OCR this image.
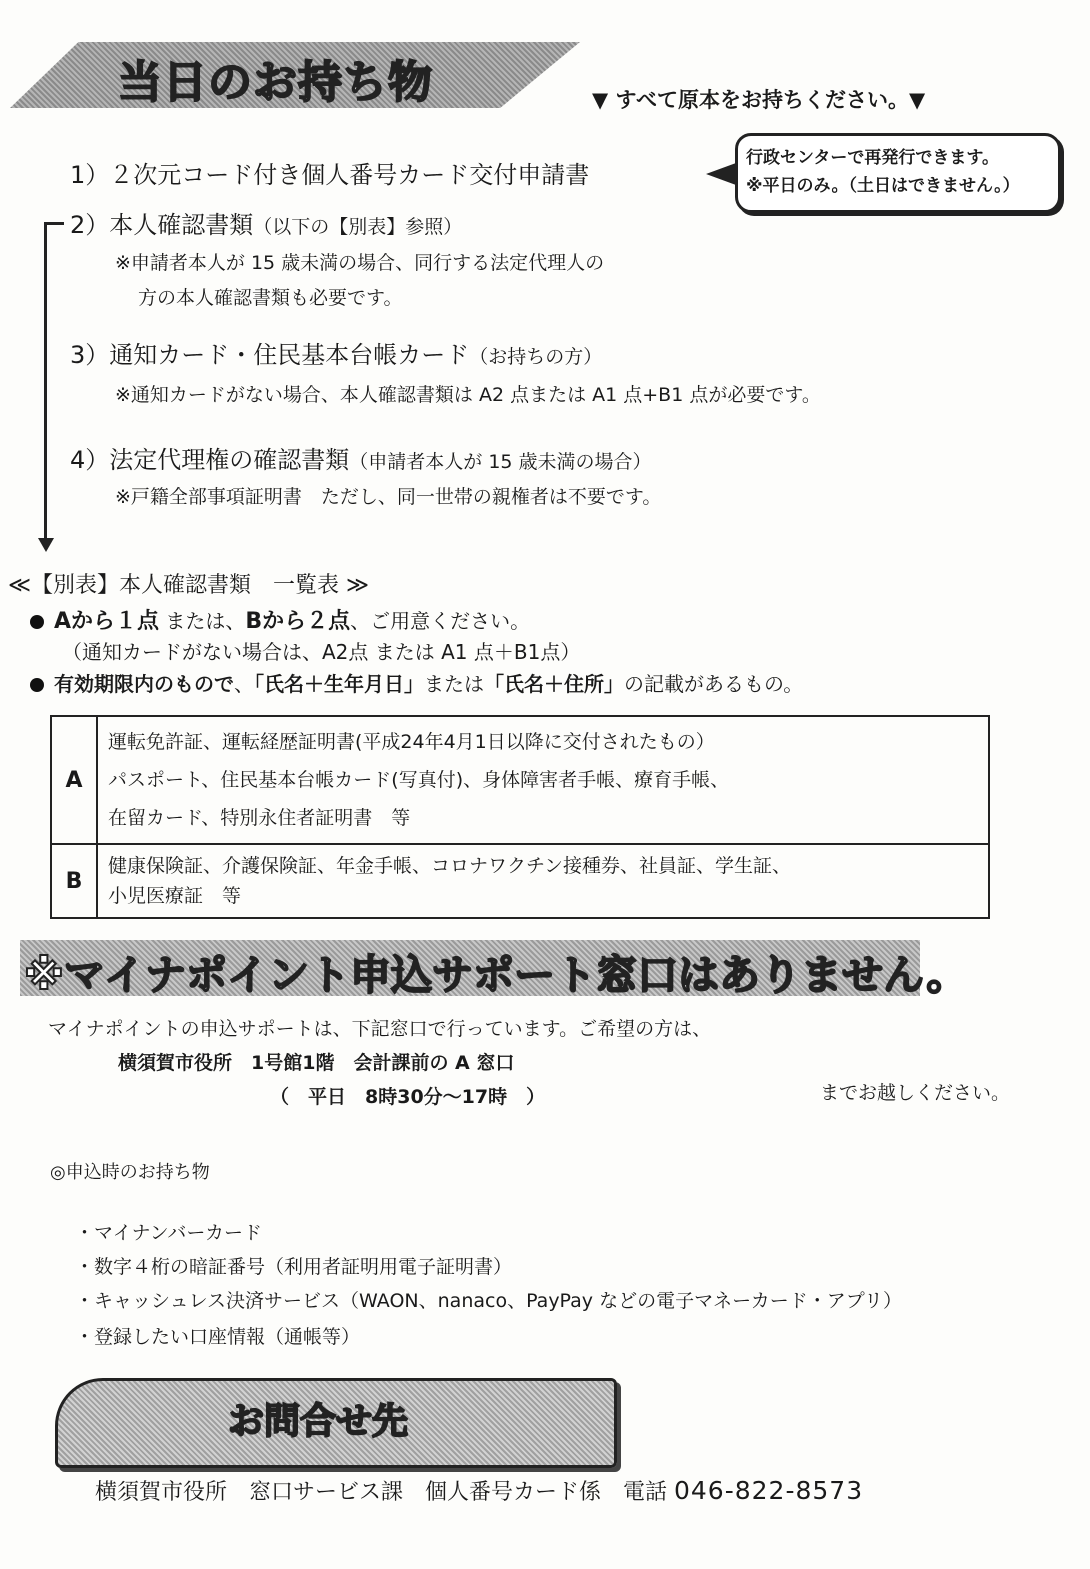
当日のお持ち物	▼ すべて原本をお持ちください。▼
1）２次元コード付き個人番号カード交付申請書
行政センターで再発行できます。
※平日のみ。（土日はできません。）
2）本人確認書類（以下の【別表】参照）
※申請者本人が 15 歳未満の場合、同行する法定代理人の
方の本人確認書類も必要です。
3）通知カード・住民基本台帳カード（お持ちの方）
※通知カードがない場合、本人確認書類は A2 点または A1 点+B1 点が必要です。
4）法定代理権の確認書類（申請者本人が 15 歳未満の場合）
※戸籍全部事項証明書　ただし、同一世帯の親権者は不要です。
≪【別表】本人確認書類　一覧表 ≫
Aから１点 または、Bから２点、ご用意ください。
（通知カードがない場合は、A2点 または A1 点＋B1点）
有効期限内のもので、「氏名＋生年月日」または「氏名＋住所」の記載があるもの。
A	運転免許証、運転経歴証明書(平成24年4月1日以降に交付されたもの）
パスポート、住民基本台帳カード(写真付)、身体障害者手帳、療育手帳、
在留カード、特別永住者証明書　等

B	健康保険証、介護保険証、年金手帳、コロナワクチン接種券、社員証、学生証、
小児医療証　等
※マイナポイント申込サポート窓口はありません。
マイナポイントの申込サポートは、下記窓口で行っています。ご希望の方は、
横須賀市役所　1号館1階　会計課前の A 窓口
（　平日　8時30分～17時　）	までお越しください。
◎申込時のお持ち物
・マイナンバーカード
・数字４桁の暗証番号（利用者証明用電子証明書）
・キャッシュレス決済サービス（WAON、nanaco、PayPay などの電子マネーカード・アプリ）
・登録したい口座情報（通帳等）
お問合せ先
横須賀市役所　窓口サービス課　個人番号カード係　電話 046-822-8573
